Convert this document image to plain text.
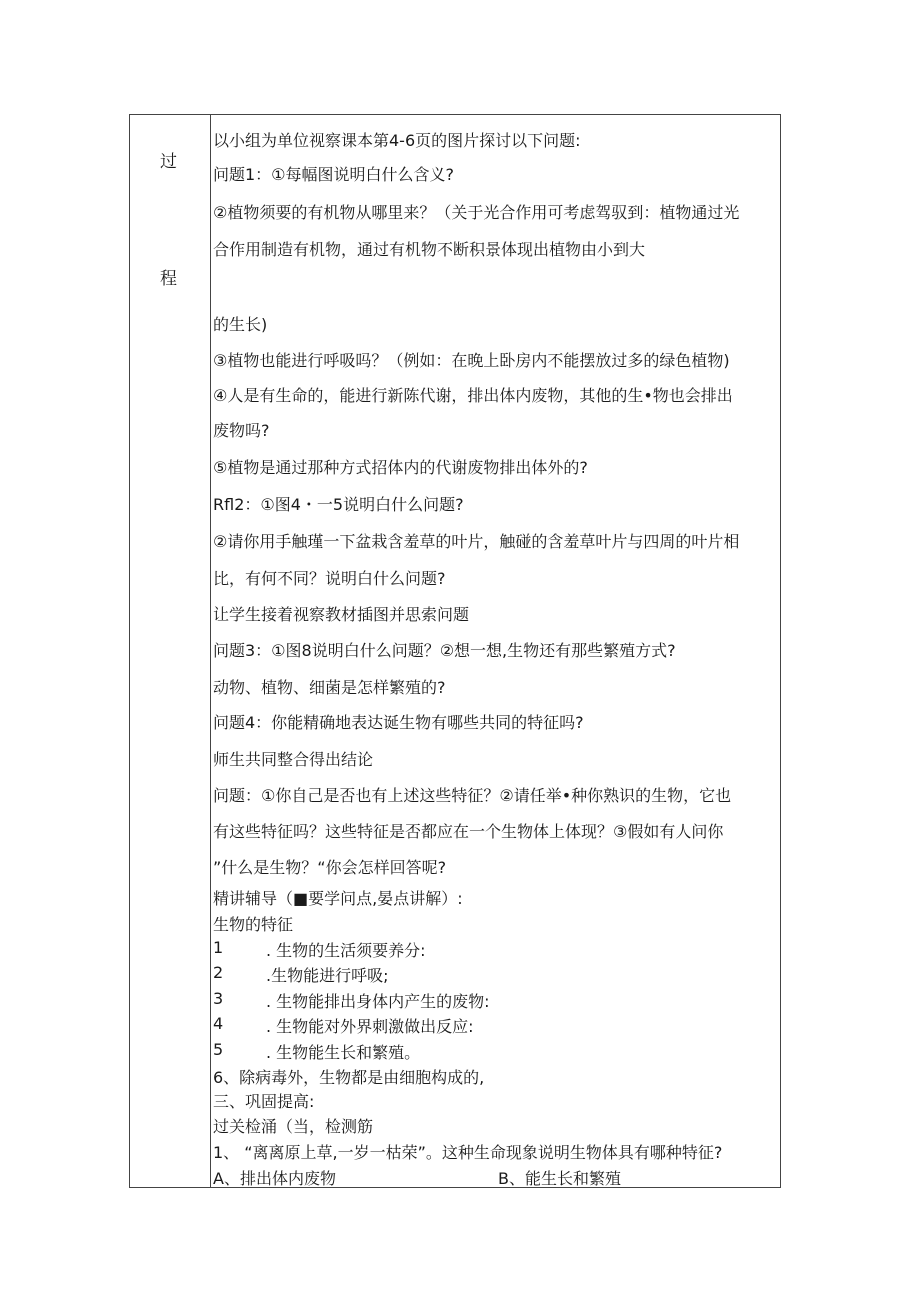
过
程
以小组为单位视察课本第4-6页的图片探讨以下问题:
问题1：①每幅图说明白什么含义?
②植物须要的有机物从哪里来？（关于光合作用可考虑驾驭到：植物通过光
合作用制造有机物，通过有机物不断积景体现出植物由小到大
的生长)
③植物也能进行呼吸吗？（例如：在晚上卧房内不能摆放过多的绿色植物)
④人是有生命的，能进行新陈代谢，排出体内废物，其他的生•物也会排出
废物吗?
⑤植物是通过那种方式招体内的代谢废物排出体外的?
Rfl2：①图4・一5说明白什么问题?
②请你用手触瑾一下盆栽含羞草的叶片，触碰的含羞草叶片与四周的叶片相
比，有何不同？说明白什么问题?
让学生接着视察教材插图并思索问题
问题3：①图8说明白什么问题？②想一想,生物还有那些繁殖方式?
动物、植物、细菌是怎样繁殖的?
问题4：你能精确地表达诞生物有哪些共同的特征吗?
师生共同整合得出结论
问题：①你自己是否也有上述这些特征？②请任举•种你熟识的生物，它也
有这些特征吗？这些特征是否都应在一个生物体上体现？③假如有人问你
”什么是生物？“你会怎样回答呢?
精讲辅导（■要学问点,晏点讲解）:
生物的特征
1	. 生物的生活须要养分:
2	.生物能进行呼吸;
3	. 生物能排出身体内产生的废物:
4	. 生物能对外界刺激做出反应:
5	. 生物能生长和繁殖。
6、除病毒外，生物都是由细胞构成的,
三、巩固提高:
过关检涌（当，检测筋
1、 “离离原上草,一岁一枯荣”。这种生命现象说明生物体具有哪种特征?
A、排出体内废物	B、能生长和繁殖
